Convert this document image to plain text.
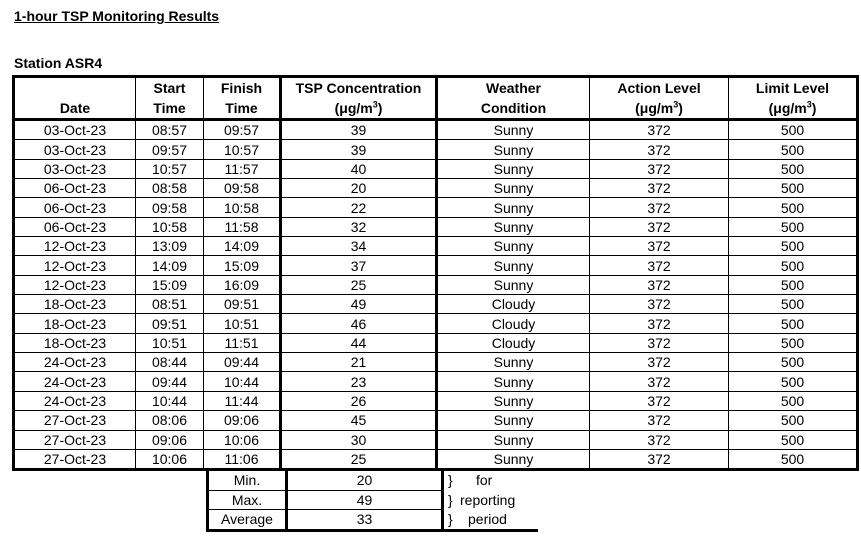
1-hour TSP Monitoring Results
Station ASR4
	Start	Finish	TSP Concentration	Weather	Action Level	Limit Level
Date	Time	Time	$(\mu g/m^3)$	Condition	$(\mu g/m^3)$	$(\mu g/m^3)$
03-Oct-23	08:57	09:57	39	Sunny	372	500
03-Oct-23	09:57	10:57	39	Sunny	372	500
03-Oct-23	10:57	11:57	40	Sunny	372	500
06-Oct-23	08:58	09:58	20	Sunny	372	500
06-Oct-23	09:58	10:58	22	Sunny	372	500
06-Oct-23	10:58	11:58	32	Sunny	372	500
12-Oct-23	13:09	14:09	34	Sunny	372	500
12-Oct-23	14:09	15:09	37	Sunny	372	500
12-Oct-23	15:09	16:09	25	Sunny	372	500
18-Oct-23	08:51	09:51	49	Cloudy	372	500
18-Oct-23	09:51	10:51	46	Cloudy	372	500
18-Oct-23	10:51	11:51	44	Cloudy	372	500
24-Oct-23	08:44	09:44	21	Sunny	372	500
24-Oct-23	09:44	10:44	23	Sunny	372	500
24-Oct-23	10:44	11:44	26	Sunny	372	500
27-Oct-23	08:06	09:06	45	Sunny	372	500
27-Oct-23	09:06	10:06	30	Sunny	372	500
27-Oct-23	10:06	11:06	25	Sunny	372	500
Min.	20	} for
Max.	49	} reporting
Average	33	} period
